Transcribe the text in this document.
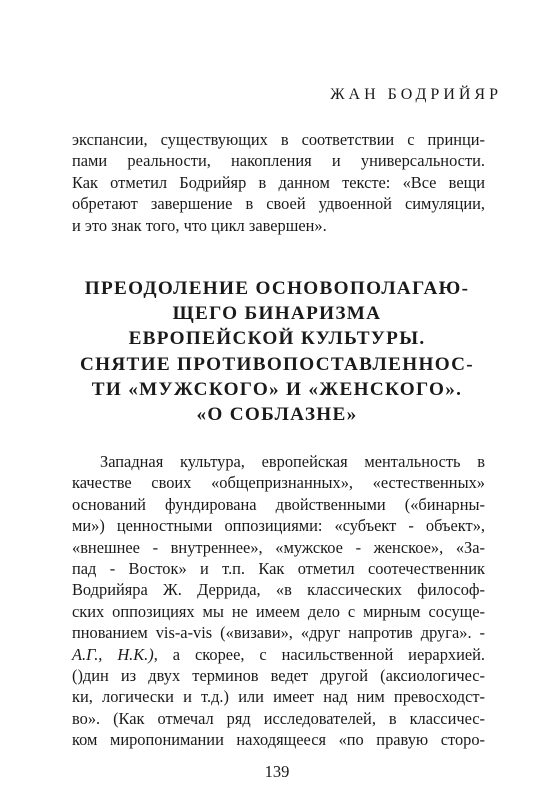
ЖАН БОДРИЙЯР
экспансии, существующих в соответствии с принци-
пами реальности, накопления и универсальности.
Как отметил Бодрийяр в данном тексте: «Все вещи
обретают завершение в своей удвоенной симуляции,
и это знак того, что цикл завершен».
ПРЕОДОЛЕНИЕ ОСНОВОПОЛАГАЮ-
ЩЕГО БИНАРИЗМА
ЕВРОПЕЙСКОЙ КУЛЬТУРЫ.
СНЯТИЕ ПРОТИВОПОСТАВЛЕННОС-
ТИ «МУЖСКОГО» И «ЖЕНСКОГО».
«О СОБЛАЗНЕ»
Западная культура, европейская ментальность в
качестве своих «общепризнанных», «естественных»
оснований фундирована двойственными («бинарны-
ми») ценностными оппозициями: «субъект - объект»,
«внешнее - внутреннее», «мужское - женское», «За-
пад - Восток» и т.п. Как отметил соотечественник
Водрийяра Ж. Деррида, «в классических философ-
ских оппозициях мы не имеем дело с мирным сосуще-
пнованием vis-a-vis («визави», «друг напротив друга». -
А.Г., Н.К.), а скорее, с насильственной иерархией.
()дин из двух терминов ведет другой (аксиологичес-
ки, логически и т.д.) или имеет над ним превосходст-
во». (Как отмечал ряд исследователей, в классичес-
ком миропонимании находящееся «по правую сторо-
139
